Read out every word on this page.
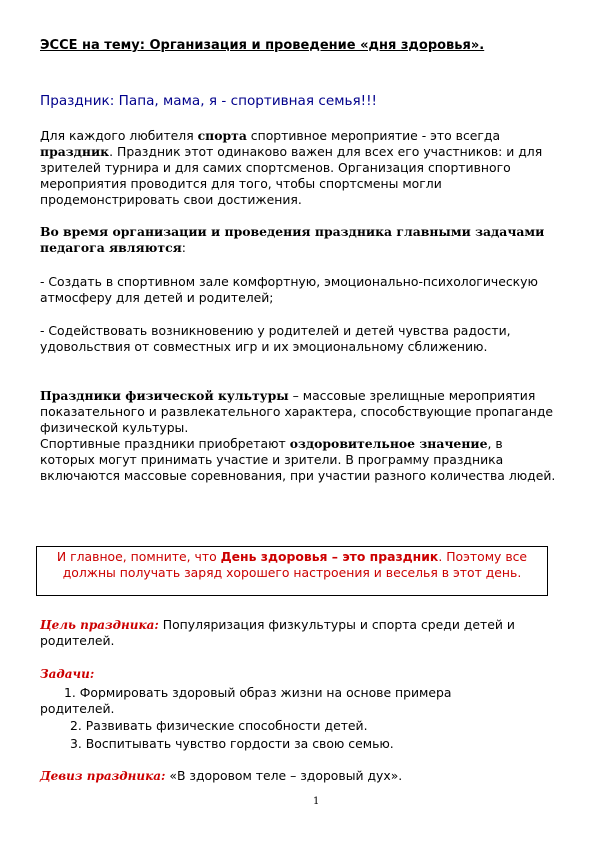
ЭССЕ на тему: Организация и проведение «дня здоровья».
Праздник: Папа, мама, я - спортивная семья!!!
Для каждого любителя спорта спортивное мероприятие - это всегда праздник. Праздник этот одинаково важен для всех его участников: и для зрителей турнира и для самих спортсменов. Организация спортивного мероприятия проводится для того, чтобы спортсмены могли продемонстрировать свои достижения.
Во время организации и проведения праздника главными задачами педагога являются:
- Создать в спортивном зале комфортную, эмоционально-психологическую атмосферу для детей и родителей;
- Содействовать возникновению у родителей и детей чувства радости, удовольствия от совместных игр и их эмоциональному сближению.
Праздники физической культуры – массовые зрелищные мероприятия показательного и развлекательного характера, способствующие пропаганде физической культуры.
Спортивные праздники приобретают оздоровительное значение, в которых могут принимать участие и зрители. В программу праздника включаются массовые соревнования, при участии разного количества людей.
И главное, помните, что День здоровья – это праздник. Поэтому все должны получать заряд хорошего настроения и веселья в этот день.
Цель праздника: Популяризация физкультуры и спорта среди детей и родителей.
Задачи:
1. Формировать здоровый образ жизни на основе примера
родителей.
2. Развивать физические способности детей.
3. Воспитывать чувство гордости за свою семью.
Девиз праздника: «В здоровом теле – здоровый дух».
1
